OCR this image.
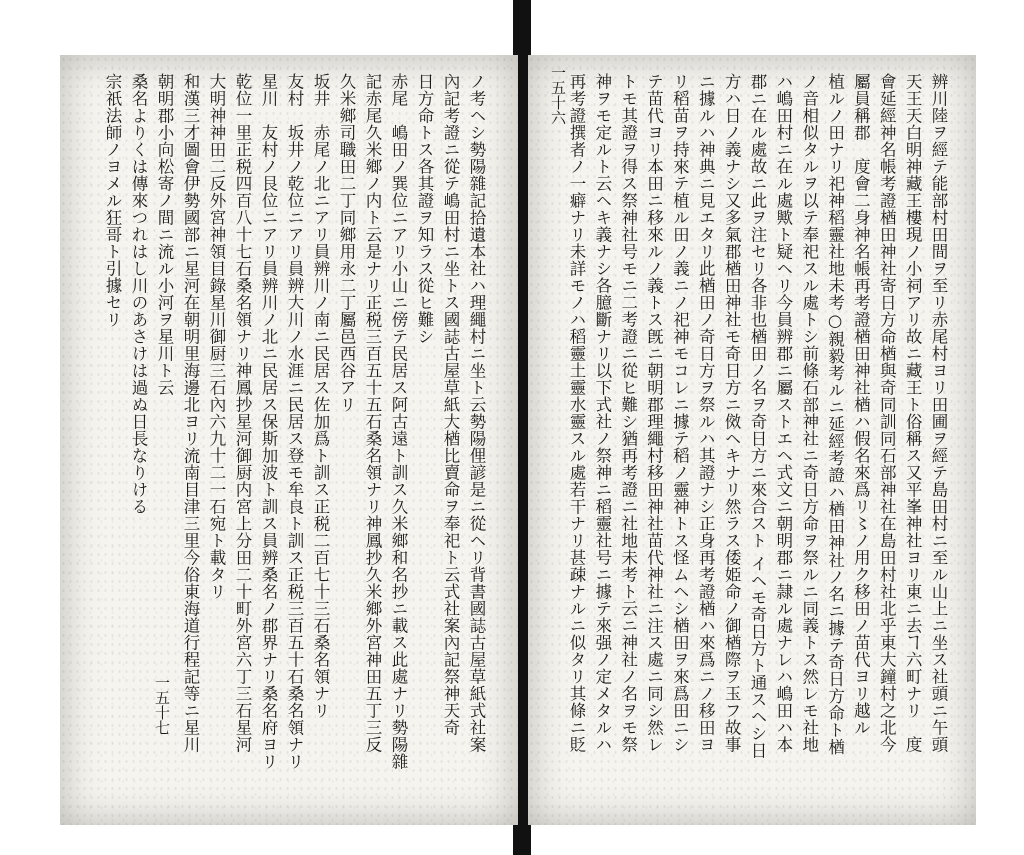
ノ考ヘシ勢陽雜記拾遺本社ハ理繩村ニ坐ト云勢陽俚諺是ニ從ヘリ背書國誌古屋草紙式社案
內記考證ニ從テ嶋田村ニ坐トス國誌古屋草紙大楢比賣命ヲ奉祀ト云式社案內記祭神天奇
日方命トス各其證ヲ知ラス從ヒ難シ
赤尾　嶋田ノ巽位ニアリ小山ニ傍テ民居ス阿古遠ト訓ス久米鄉和名抄ニ載ス此處ナリ勢陽雜
記赤尾久米鄉ノ内ト云是ナリ正税三百五十五石桑名領ナリ神鳳抄久米鄉外宮神田五丁三反
久米鄉司職田二丁同鄉用永二丁屬邑西谷アリ
坂井　赤尾ノ北ニアリ員辨川ノ南ニ民居ス佐加爲ト訓ス正税二百七十三石桑名領ナリ
友村　坂井ノ乾位ニアリ員辨大川ノ水涯ニ民居ス登モ牟良ト訓ス正税三百五十石桑名領ナリ
星川　友村ノ艮位ニアリ員辨川ノ北ニ民居ス保斯加波ト訓ス員辨桑名ノ郡界ナリ桑名府ヨリ
乾位一里正税四百八十七石桑名領ナリ神鳳抄星河御厨内宮上分田二十町外宮六丁三石星河
大明神神田二反外宮神領目錄星川御厨三石內六九十二一石宛ト載タリ
和漢三才圖會伊勢國部ニ星河在朝明里海邊北ヨリ流南目津三里今俗東海道行程記等ニ星川
朝明郡小向松寄ノ間ニ流ル小河ヲ星川ト云
桑名よりくは傳來つれはし川のあさけは過ぬ日長なりける
宗祇法師ノヨメル狂哥ト引據セリ
一五十七	辨川陸ヲ經テ能部村田間ヲ至リ赤尾村ヨリ田圃ヲ經テ島田村ニ至ル山上ニ坐ス社頭ニ午頭
天王天白明神藏王樓現ノ小祠アリ故ニ藏王ト俗稱ス又平峯神社ヨリ東ニ去ヿ六町ナリ　度
會延經神名帳考證楢田神社寄日方命楢與奇同訓同石部神社在島田村社北乎東大鐘村之北今
屬員稱郡　度會二身神名帳再考證楢田神社楢ハ假名來爲リ〻ノ用ク移田ノ苗代ヨリ越ル
植ルノ田ナリ祀神稻靈社地未考○親毅考ルニ延經考證ハ楢田神社ノ名ニ據テ奇日方命ト楢
ノ音相似タルヲ以テ奉祀スル處トシ前條石部神社ニ奇日方命ヲ祭ルニ同義トス然レモ社地
ハ嶋田村ニ在ル處歟ト疑ヘリ今員辨郡ニ屬ストエヘ式文ニ朝明郡ニ隷ル處ナレハ嶋田ハ本
郡ニ在ル處故ニ此ヲ注セリ各非也楢田ノ名ヲ奇日方ニ來合スト イヘモ奇日方ト通スヘシ日
方ハ日ノ義ナシ又多氣郡楢田神社モ奇日方ニ傚ヘキナリ然ラス倭姫命ノ御楢際ヲ玉フ故事
ニ據ルハ神典ニ見エタリ此楢田ノ奇日方ヲ祭ルハ其證ナシ正身再考證楢ハ來爲ニノ移田ヨ
リ稻苗ヲ持來テ植ル田ノ義ニノ祀神モコレニ據テ稻ノ靈神トス怪ムヘシ楢田ヲ來爲田ニシ
テ苗代ヨリ本田ニ移來ルノ義トス旣ニ朝明郡理繩村移田神社苗代神社ニ注ス處ニ同シ然レ
トモ其證ヲ得ス祭神社号モニ二考證ニ從ヒ難シ猶再考證ニ社地未考ト云ニ神社ノ名ヲモ祭
神ヲモ定ルト云ヘキ義ナシ各臆斷ナリ以下式社ノ祭神ニ稻靈社号ニ據テ來强ノ定メタルハ
再考證撰者ノ一癖ナリ未詳モノハ稻靈土靈水靈スル處若干ナリ甚疎ナルニ似タリ其條ニ貶
一五十六
